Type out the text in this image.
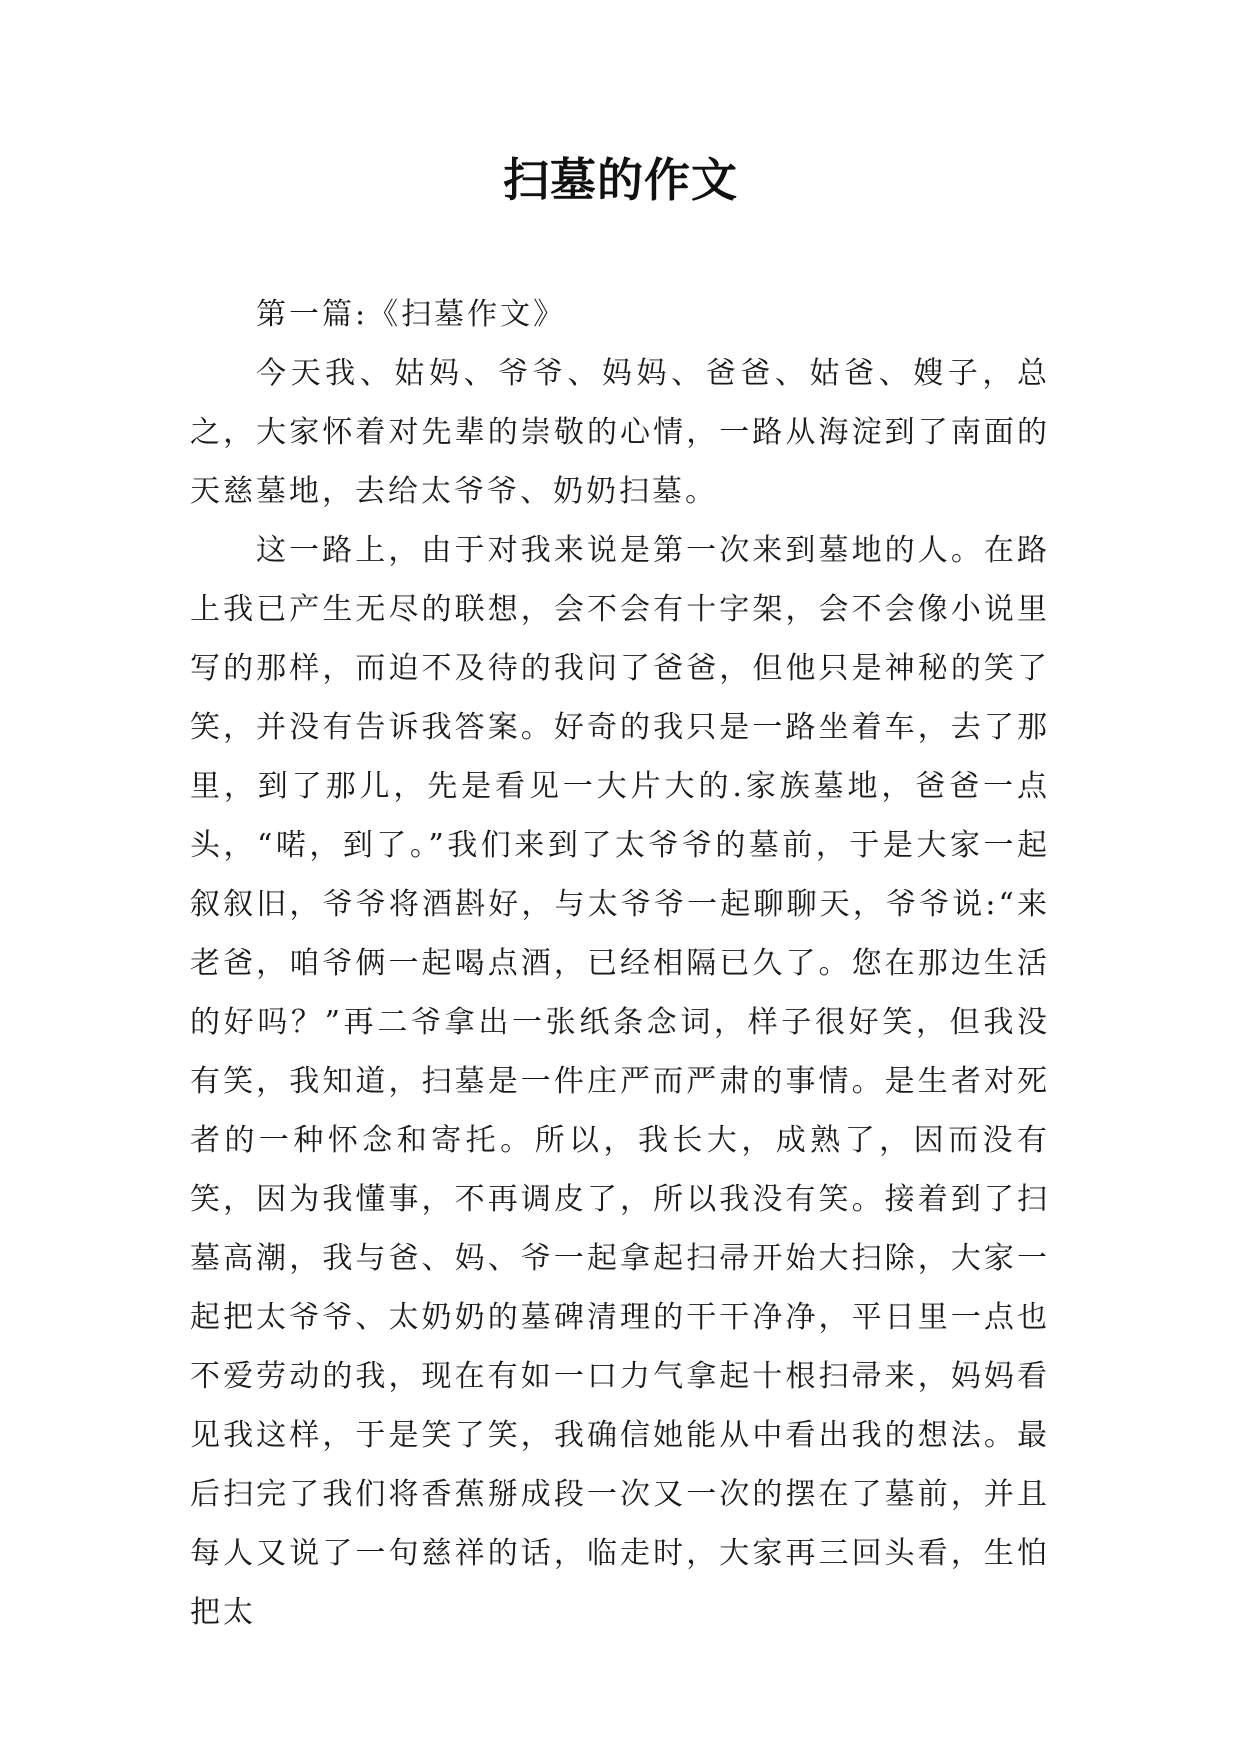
扫墓的作文

第一篇:《扫墓作文》

今天我、姑妈、爷爷、妈妈、爸爸、姑爸、嫂子，总之，大家怀着对先辈的崇敬的心情，一路从海淀到了南面的天慈墓地，去给太爷爷、奶奶扫墓。

这一路上，由于对我来说是第一次来到墓地的人。在路上我已产生无尽的联想，会不会有十字架，会不会像小说里写的那样，而迫不及待的我问了爸爸，但他只是神秘的笑了笑，并没有告诉我答案。好奇的我只是一路坐着车，去了那里，到了那儿，先是看见一大片大的.家族墓地，爸爸一点头，“喏，到了。”我们来到了太爷爷的墓前，于是大家一起叙叙旧，爷爷将酒斟好，与太爷爷一起聊聊天，爷爷说:“来老爸，咱爷俩一起喝点酒，已经相隔已久了。您在那边生活的好吗？”再二爷拿出一张纸条念词，样子很好笑，但我没有笑，我知道，扫墓是一件庄严而严肃的事情。是生者对死者的一种怀念和寄托。所以，我长大，成熟了，因而没有笑，因为我懂事，不再调皮了，所以我没有笑。接着到了扫墓高潮，我与爸、妈、爷一起拿起扫帚开始大扫除，大家一起把太爷爷、太奶奶的墓碑清理的干干净净，平日里一点也不爱劳动的我，现在有如一口力气拿起十根扫帚来，妈妈看见我这样，于是笑了笑，我确信她能从中看出我的想法。最后扫完了我们将香蕉掰成段一次又一次的摆在了墓前，并且每人又说了一句慈祥的话，临走时，大家再三回头看，生怕把太
